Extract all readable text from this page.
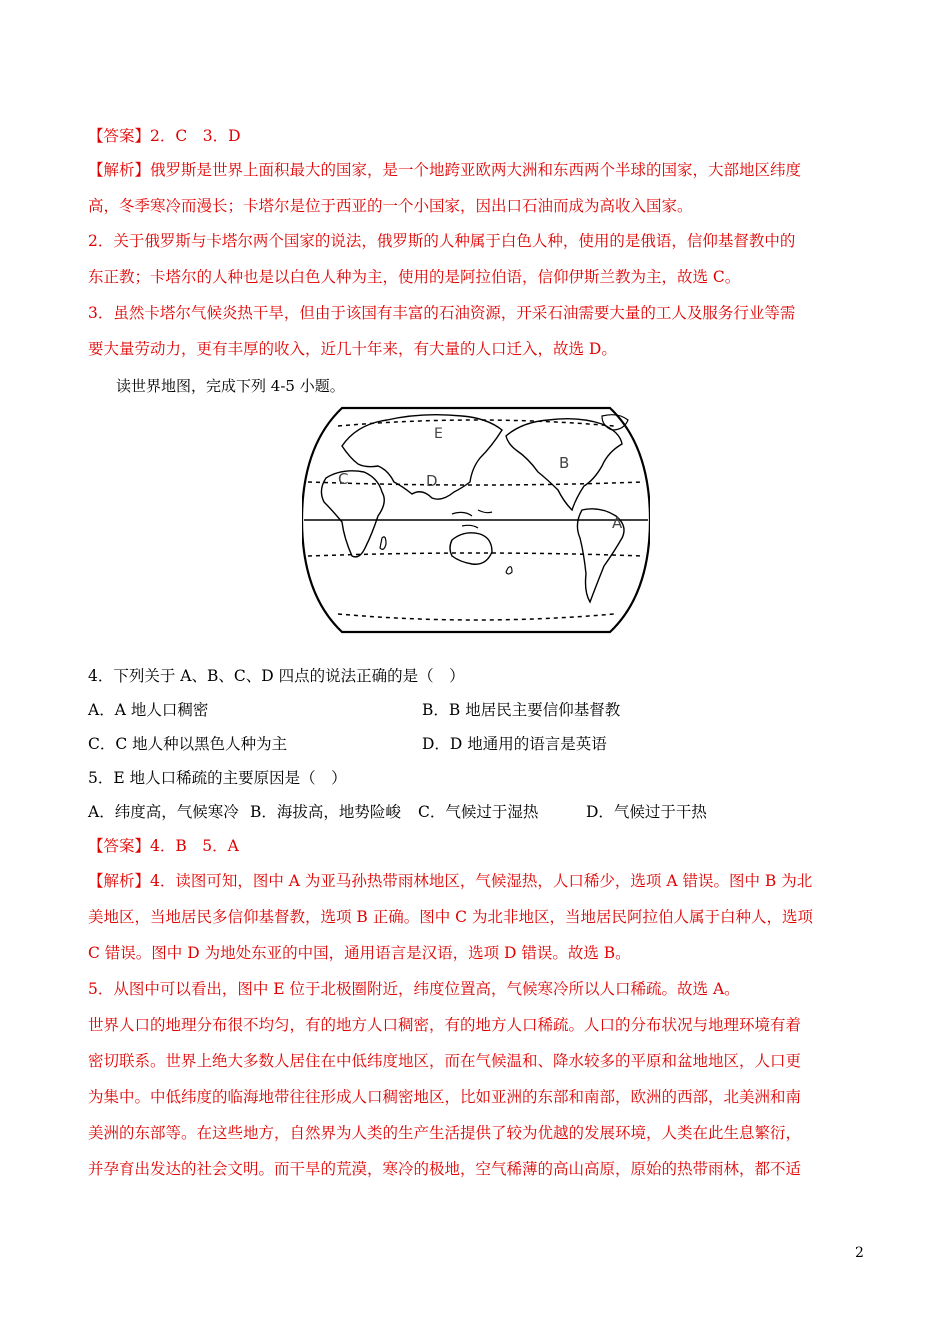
【答案】2．C　3．D
【解析】俄罗斯是世界上面积最大的国家，是一个地跨亚欧两大洲和东西两个半球的国家，大部地区纬度
高，冬季寒冷而漫长；卡塔尔是位于西亚的一个小国家，因出口石油而成为高收入国家。
2．关于俄罗斯与卡塔尔两个国家的说法，俄罗斯的人种属于白色人种，使用的是俄语，信仰基督教中的
东正教；卡塔尔的人种也是以白色人种为主，使用的是阿拉伯语，信仰伊斯兰教为主，故选 C。
3．虽然卡塔尔气候炎热干旱，但由于该国有丰富的石油资源，开采石油需要大量的工人及服务行业等需
要大量劳动力，更有丰厚的收入，近几十年来，有大量的人口迁入，故选 D。
读世界地图，完成下列 4-5 小题。
A
B
C	D
E
4．下列关于 A、B、C、D 四点的说法正确的是（　）
A．A 地人口稠密	B．B 地居民主要信仰基督教
C．C 地人种以黑色人种为主	D．D 地通用的语言是英语
5．E 地人口稀疏的主要原因是（　）
A．纬度高，气候寒冷 B．海拔高，地势险峻 C．气候过于湿热	D．气候过于干热
【答案】4．B　5．A
【解析】4．读图可知，图中 A 为亚马孙热带雨林地区，气候湿热，人口稀少，选项 A 错误。图中 B 为北
美地区，当地居民多信仰基督教，选项 B 正确。图中 C 为北非地区，当地居民阿拉伯人属于白种人，选项
C 错误。图中 D 为地处东亚的中国，通用语言是汉语，选项 D 错误。故选 B。
5．从图中可以看出，图中 E 位于北极圈附近，纬度位置高，气候寒冷所以人口稀疏。故选 A。
世界人口的地理分布很不均匀，有的地方人口稠密，有的地方人口稀疏。人口的分布状况与地理环境有着
密切联系。世界上绝大多数人居住在中低纬度地区，而在气候温和、降水较多的平原和盆地地区，人口更
为集中。中低纬度的临海地带往往形成人口稠密地区，比如亚洲的东部和南部，欧洲的西部，北美洲和南
美洲的东部等。在这些地方，自然界为人类的生产生活提供了较为优越的发展环境，人类在此生息繁衍，
并孕育出发达的社会文明。而干旱的荒漠，寒冷的极地，空气稀薄的高山高原，原始的热带雨林，都不适
2
